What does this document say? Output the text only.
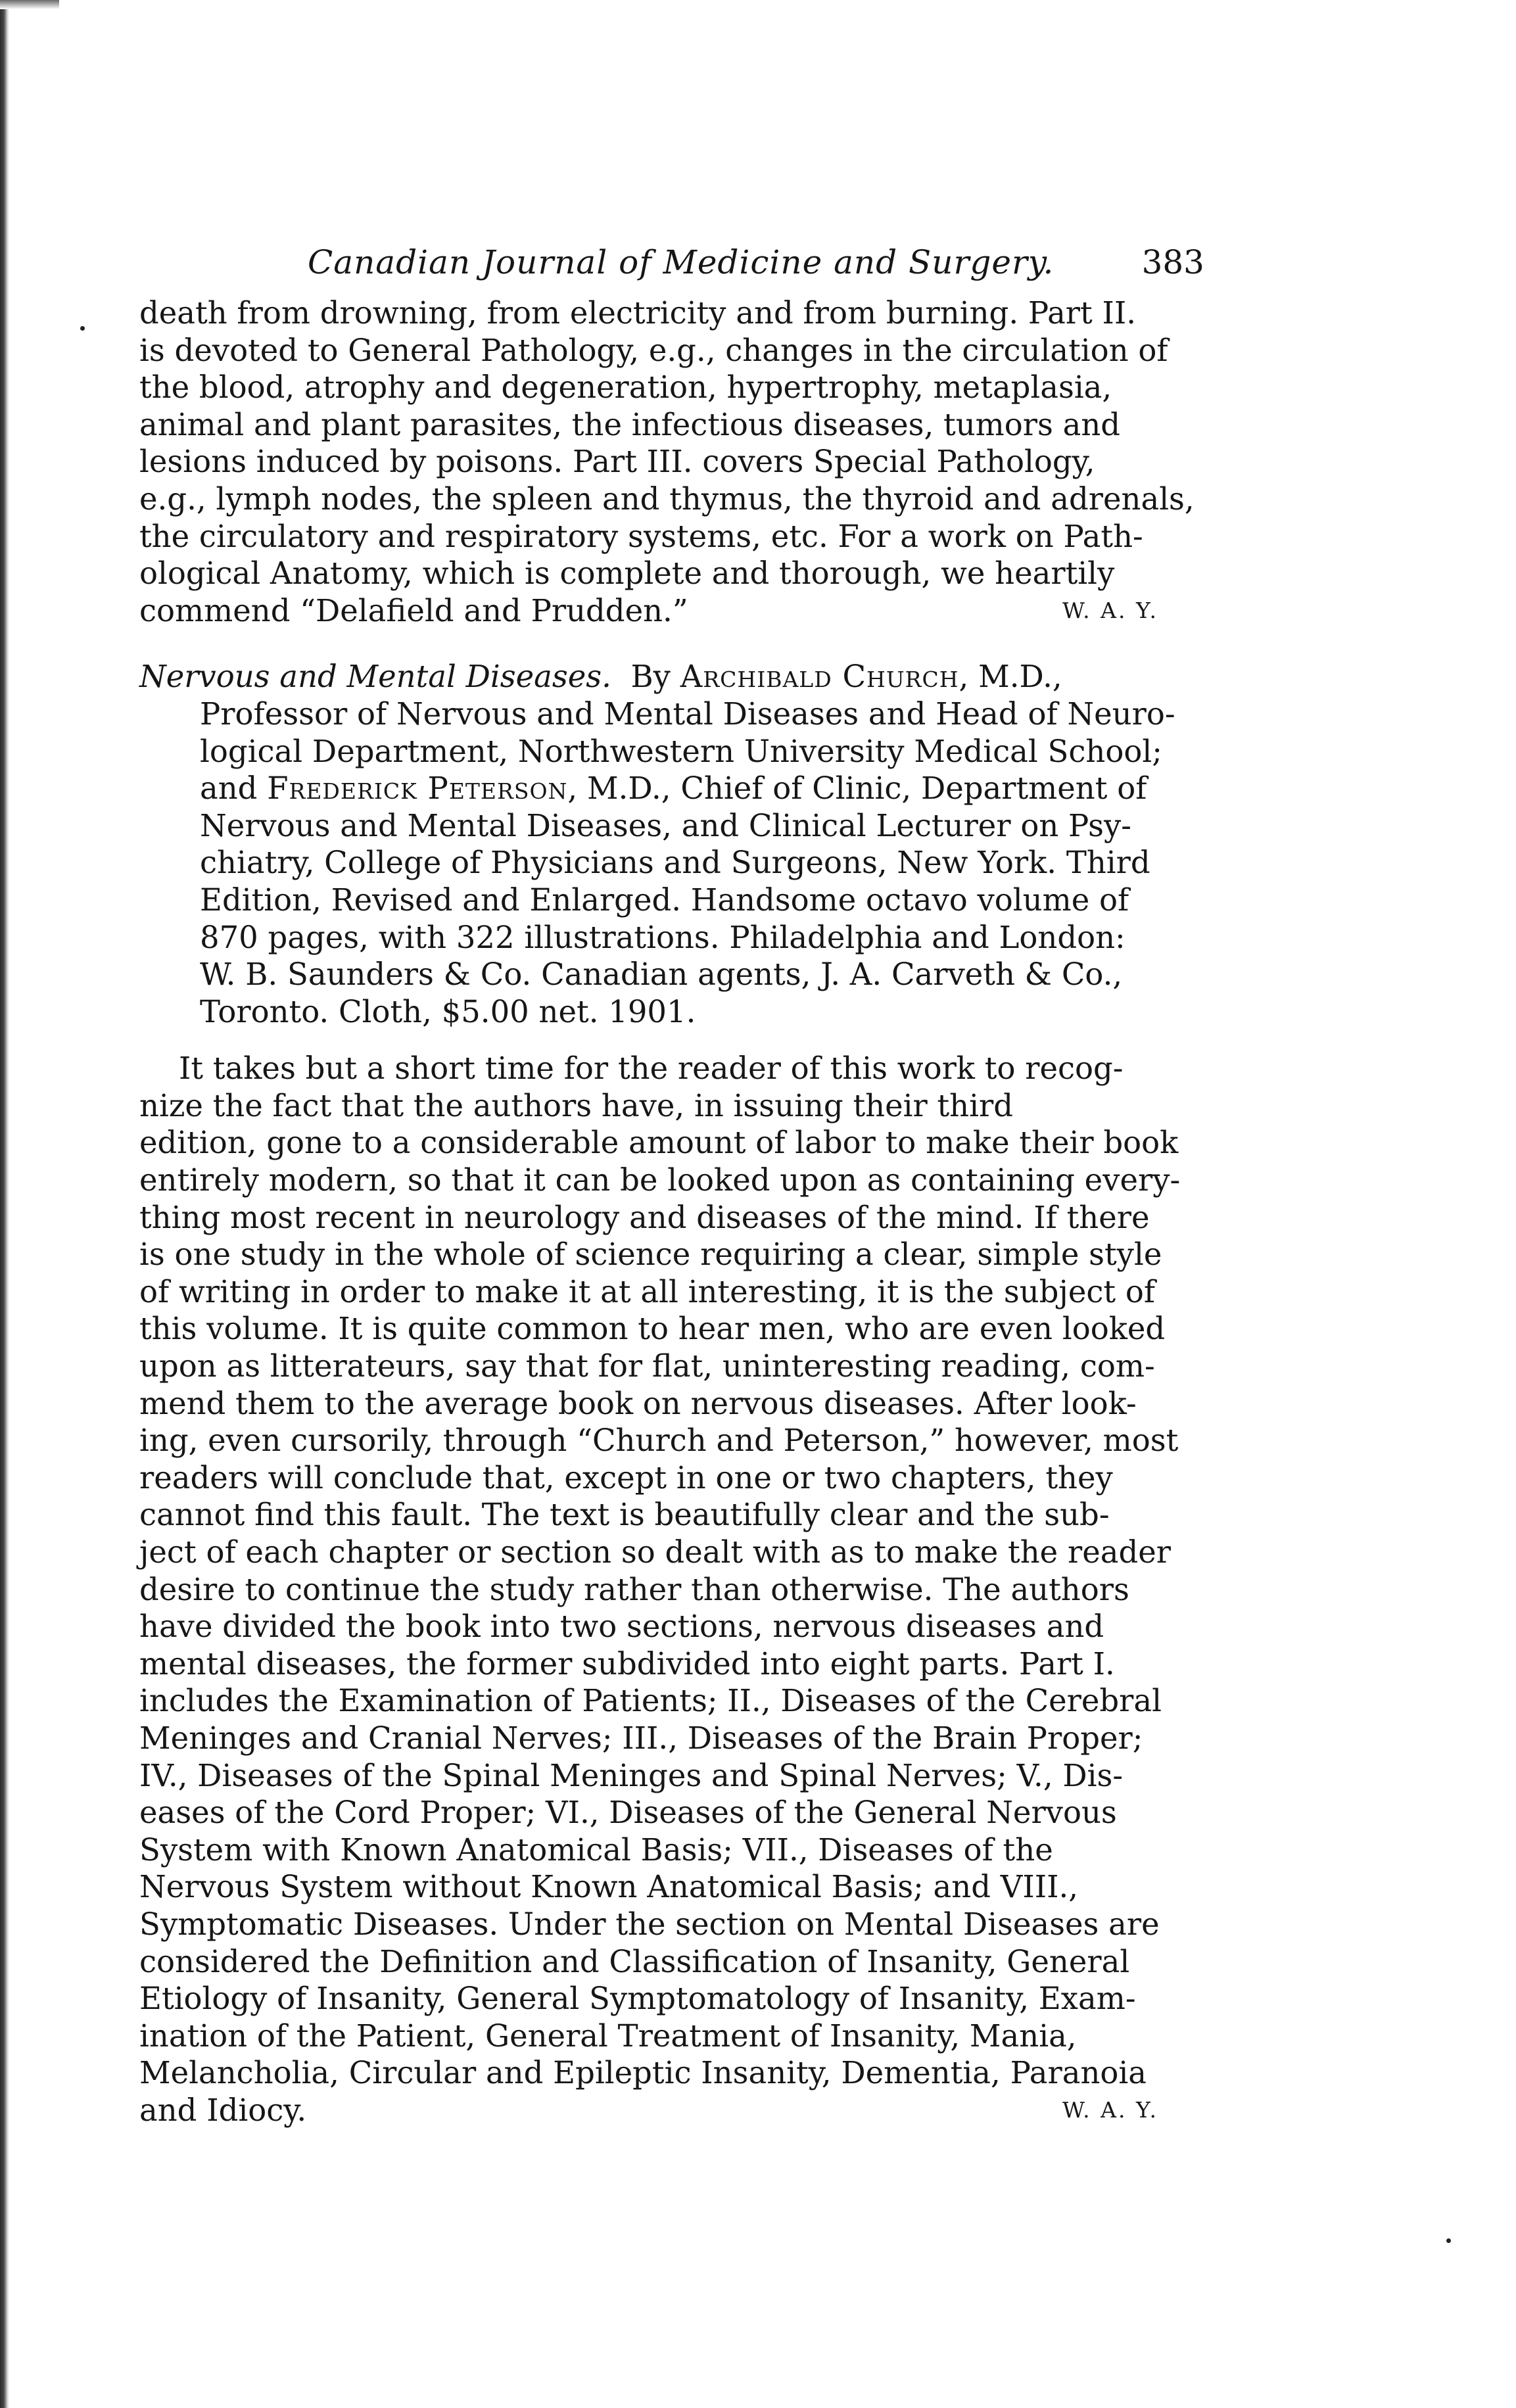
Canadian Journal of Medicine and Surgery.	383
death from drowning, from electricity and from burning. Part II.
is devoted to General Pathology, e.g., changes in the circulation of
the blood, atrophy and degeneration, hypertrophy, metaplasia,
animal and plant parasites, the infectious diseases, tumors and
lesions induced by poisons. Part III. covers Special Pathology,
e.g., lymph nodes, the spleen and thymus, the thyroid and adrenals,
the circulatory and respiratory systems, etc. For a work on Path-
ological Anatomy, which is complete and thorough, we heartily
commend “Delafield and Prudden.”	W. A. Y.
Nervous and Mental Diseases. By Archibald Church, M.D.,
Professor of Nervous and Mental Diseases and Head of Neuro-
logical Department, Northwestern University Medical School;
and Frederick Peterson, M.D., Chief of Clinic, Department of
Nervous and Mental Diseases, and Clinical Lecturer on Psy-
chiatry, College of Physicians and Surgeons, New York. Third
Edition, Revised and Enlarged. Handsome octavo volume of
870 pages, with 322 illustrations. Philadelphia and London:
W. B. Saunders & Co. Canadian agents, J. A. Carveth & Co.,
Toronto. Cloth, $5.00 net. 1901.
It takes but a short time for the reader of this work to recog-
nize the fact that the authors have, in issuing their third
edition, gone to a considerable amount of labor to make their book
entirely modern, so that it can be looked upon as containing every-
thing most recent in neurology and diseases of the mind. If there
is one study in the whole of science requiring a clear, simple style
of writing in order to make it at all interesting, it is the subject of
this volume. It is quite common to hear men, who are even looked
upon as litterateurs, say that for flat, uninteresting reading, com-
mend them to the average book on nervous diseases. After look-
ing, even cursorily, through “Church and Peterson,” however, most
readers will conclude that, except in one or two chapters, they
cannot find this fault. The text is beautifully clear and the sub-
ject of each chapter or section so dealt with as to make the reader
desire to continue the study rather than otherwise. The authors
have divided the book into two sections, nervous diseases and
mental diseases, the former subdivided into eight parts. Part I.
includes the Examination of Patients; II., Diseases of the Cerebral
Meninges and Cranial Nerves; III., Diseases of the Brain Proper;
IV., Diseases of the Spinal Meninges and Spinal Nerves; V., Dis-
eases of the Cord Proper; VI., Diseases of the General Nervous
System with Known Anatomical Basis; VII., Diseases of the
Nervous System without Known Anatomical Basis; and VIII.,
Symptomatic Diseases. Under the section on Mental Diseases are
considered the Definition and Classification of Insanity, General
Etiology of Insanity, General Symptomatology of Insanity, Exam-
ination of the Patient, General Treatment of Insanity, Mania,
Melancholia, Circular and Epileptic Insanity, Dementia, Paranoia
and Idiocy.	W. A. Y.
